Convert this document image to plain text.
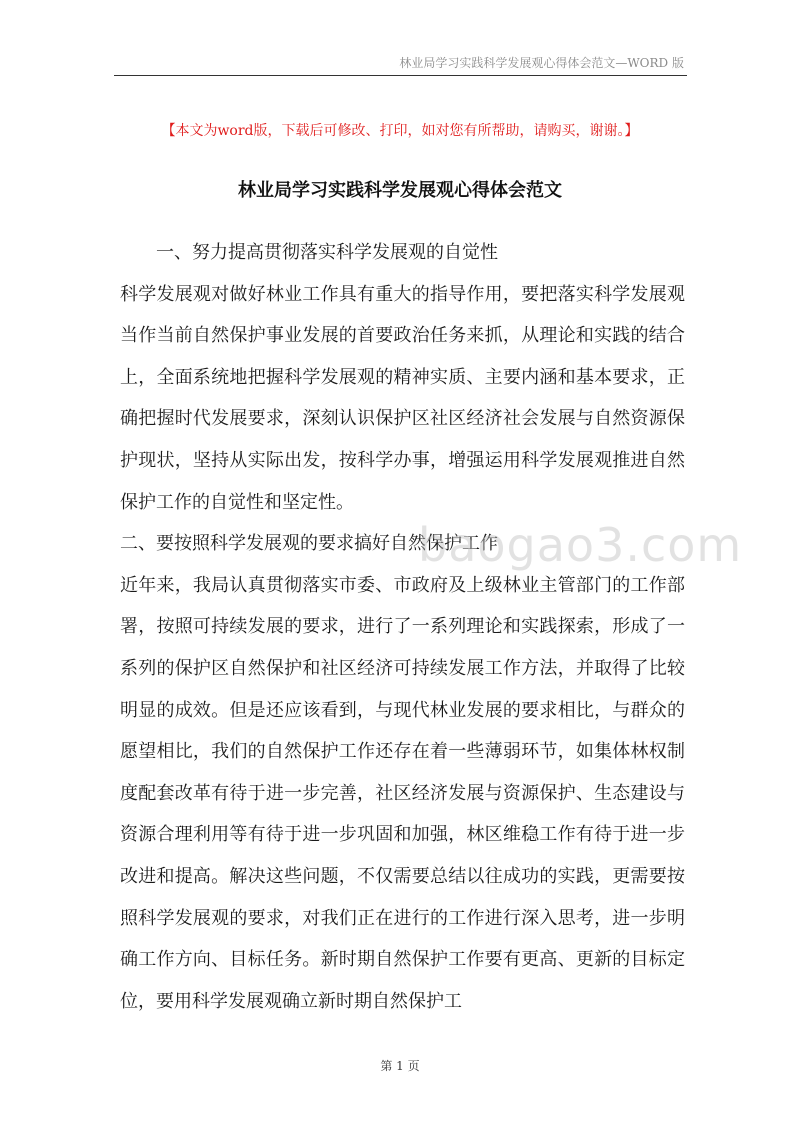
林业局学习实践科学发展观心得体会范文—WORD 版
【本文为word版，下载后可修改、打印，如对您有所帮助，请购买，谢谢。】
林业局学习实践科学发展观心得体会范文

一、努力提高贯彻落实科学发展观的自觉性

科学发展观对做好林业工作具有重大的指导作用，要把落实科学发展观当作当前自然保护事业发展的首要政治任务来抓，从理论和实践的结合上，全面系统地把握科学发展观的精神实质、主要内涵和基本要求，正确把握时代发展要求，深刻认识保护区社区经济社会发展与自然资源保护现状，坚持从实际出发，按科学办事，增强运用科学发展观推进自然保护工作的自觉性和坚定性。

二、要按照科学发展观的要求搞好自然保护工作

近年来，我局认真贯彻落实市委、市政府及上级林业主管部门的工作部署，按照可持续发展的要求，进行了一系列理论和实践探索，形成了一系列的保护区自然保护和社区经济可持续发展工作方法，并取得了比较明显的成效。但是还应该看到，与现代林业发展的要求相比，与群众的愿望相比，我们的自然保护工作还存在着一些薄弱环节，如集体林权制度配套改革有待于进一步完善，社区经济发展与资源保护、生态建设与资源合理利用等有待于进一步巩固和加强，林区维稳工作有待于进一步改进和提高。解决这些问题，不仅需要总结以往成功的实践，更需要按照科学发展观的要求，对我们正在进行的工作进行深入思考，进一步明确工作方向、目标任务。新时期自然保护工作要有更高、更新的目标定位，要用科学发展观确立新时期自然保护工

baogao3.com
第 1 页
